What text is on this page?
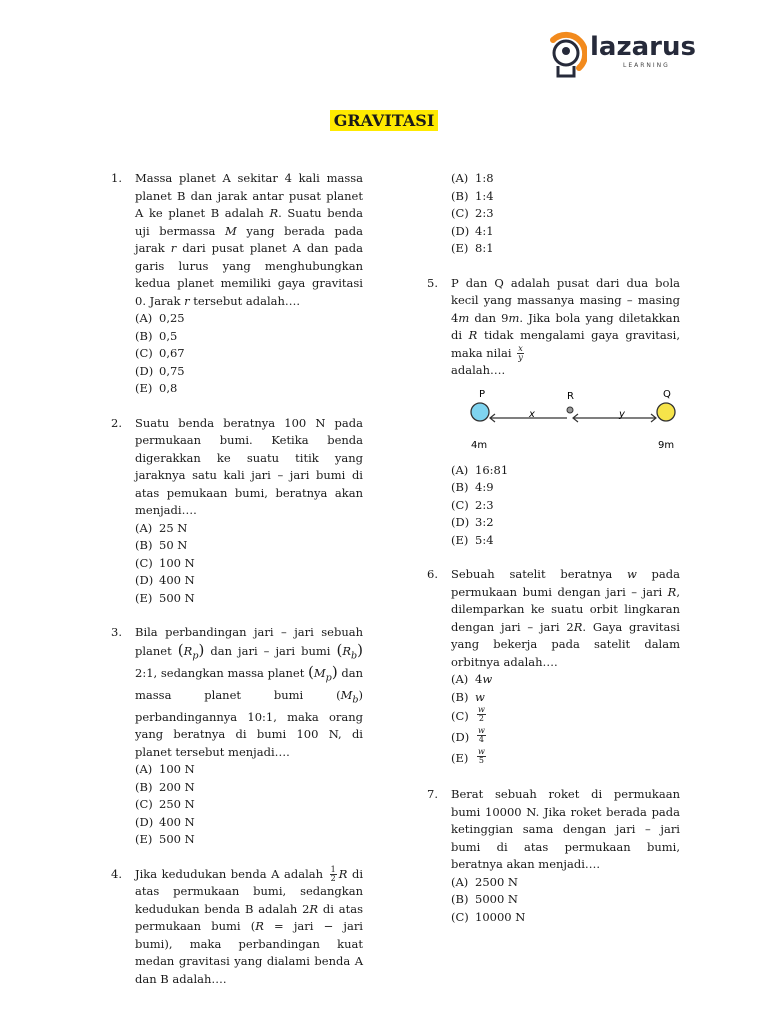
lazarus
LEARNING
GRAVITASI
1. Massa planet A sekitar 4 kali massa planet B dan jarak antar pusat planet A ke planet B adalah 𝑅. Suatu benda uji bermassa 𝑀 yang berada pada jarak 𝑟 dari pusat planet A dan pada garis lurus yang menghubungkan kedua planet memiliki gaya gravitasi 0. Jarak 𝑟 tersebut adalah….
(A) 0,25
(B) 0,5
(C) 0,67
(D) 0,75
(E) 0,8
2. Suatu benda beratnya 100 N pada permukaan bumi. Ketika benda digerakkan ke suatu titik yang jaraknya satu kali jari – jari bumi di atas pemukaan bumi, beratnya akan menjadi….
(A) 25 N
(B) 50 N
(C) 100 N
(D) 400 N
(E) 500 N
3. Bila perbandingan jari – jari sebuah planet (𝑅$_𝑝$) dan jari – jari bumi (𝑅$_𝑏$) 2:1, sedangkan massa planet (𝑀$_𝑝$) dan massa planet bumi (𝑀$_𝑏$) perbandingannya 10:1, maka orang yang beratnya di bumi 100 N, di planet tersebut menjadi….
(A) 100 N
(B) 200 N
(C) 250 N
(D) 400 N
(E) 500 N
4. Jika kedudukan benda A adalah $\frac{1}{2}$ 𝑅 di atas permukaan bumi, sedangkan kedudukan benda B adalah 2𝑅 di atas permukaan bumi (𝑅 = jari − jari bumi), maka perbandingan kuat medan gravitasi yang dialami benda A dan B adalah….
(A) 1:8
(B) 1:4
(C) 2:3
(D) 4:1
(E) 8:1
5. P dan Q adalah pusat dari dua bola kecil yang massanya masing – masing 4𝑚 dan 9𝑚. Jika bola yang diletakkan di 𝑅 tidak mengalami gaya gravitasi, maka nilai $\frac{\text{𝑥}}{\text{𝑦}}$

adalah….
P	R	Q
x	y
4m	9m
(A) 16:81
(B) 4:9
(C) 2:3
(D) 3:2
(E) 5:4
6. Sebuah satelit beratnya 𝑤 pada permukaan bumi dengan jari – jari 𝑅, dilemparkan ke suatu orbit lingkaran dengan jari – jari 2𝑅. Gaya gravitasi yang bekerja pada satelit dalam orbitnya adalah….
(A) 4𝑤
(B) 𝑤
(C)	$\frac{\text{𝑤}}{2}$
$(D) \frac{\text{𝑤}}{4}$
(E)	$\frac{\text{𝑤}}{5}$
7. Berat sebuah roket di permukaan bumi 10000 N. Jika roket berada pada ketinggian sama dengan jari – jari bumi di atas permukaan bumi, beratnya akan menjadi….
(A) 2500 N
(B) 5000 N
(C) 10000 N
